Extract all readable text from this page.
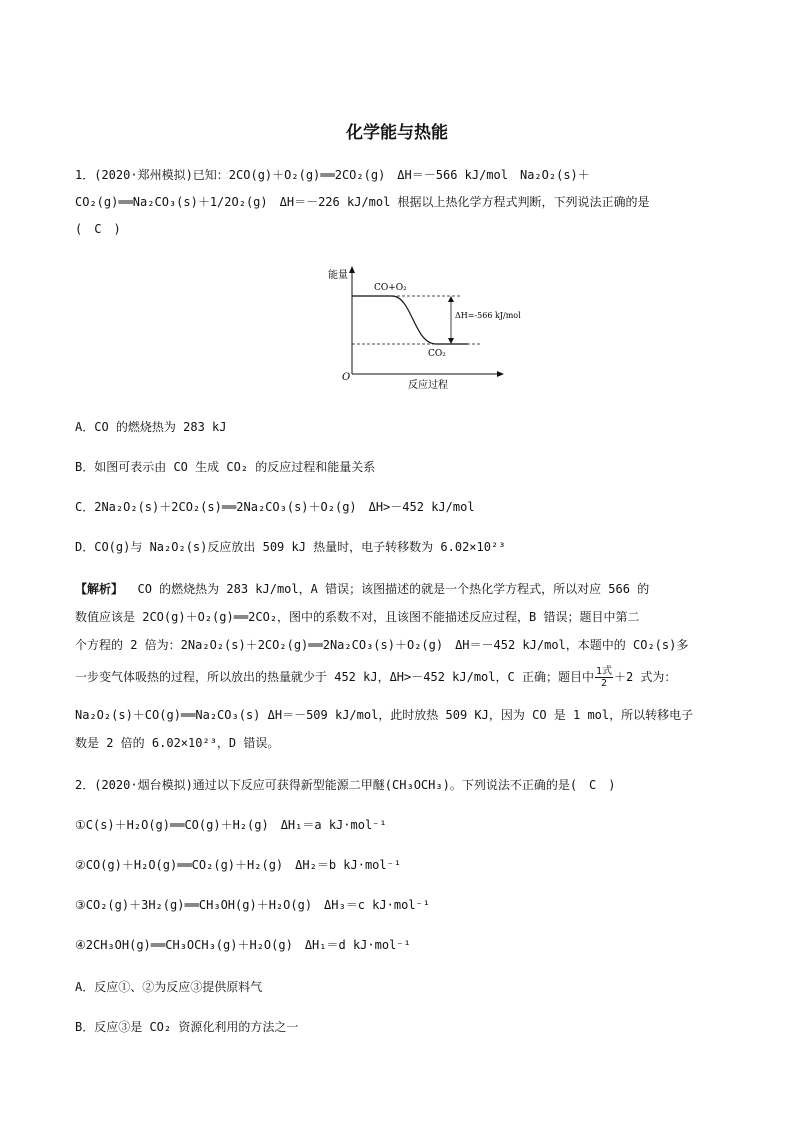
化学能与热能
1．(2020·郑州模拟)已知：2CO(g)＋O₂(g)══2CO₂(g)　ΔH＝－566 kJ/mol　Na₂O₂(s)＋
CO₂(g)══Na₂CO₃(s)＋1/2O₂(g)　ΔH＝－226 kJ/mol 根据以上热化学方程式判断，下列说法正确的是
(　C　)
能量
O
反应过程
CO+O₂
CO₂
ΔH=-566 kJ/mol
A．CO 的燃烧热为 283 kJ
B．如图可表示由 CO 生成 CO₂ 的反应过程和能量关系
C．2Na₂O₂(s)＋2CO₂(s)══2Na₂CO₃(s)＋O₂(g)　ΔH>－452 kJ/mol
D．CO(g)与 Na₂O₂(s)反应放出 509 kJ 热量时，电子转移数为 6.02×10²³
【解析】 CO 的燃烧热为 283 kJ/mol，A 错误；该图描述的就是一个热化学方程式，所以对应 566 的
数值应该是 2CO(g)＋O₂(g)══2CO₂，图中的系数不对，且该图不能描述反应过程，B 错误；题目中第二
个方程的 2 倍为：2Na₂O₂(s)＋2CO₂(g)══2Na₂CO₃(s)＋O₂(g)　ΔH＝－452 kJ/mol，本题中的 CO₂(s)多
一步变气体吸热的过程，所以放出的热量就少于 452 kJ，ΔH>－452 kJ/mol，C 正确；题目中 $\frac{\text{1式}}{2} +2$ 式为：
Na₂O₂(s)＋CO(g)══Na₂CO₃(s) ΔH＝－509 kJ/mol，此时放热 509 KJ，因为 CO 是 1 mol，所以转移电子
数是 2 倍的 6.02×10²³，D 错误。
2．(2020·烟台模拟)通过以下反应可获得新型能源二甲醚(CH₃OCH₃)。下列说法不正确的是(　C　)
①C(s)＋H₂O(g)══CO(g)＋H₂(g)　ΔH₁＝a kJ·mol⁻¹
②CO(g)＋H₂O(g)══CO₂(g)＋H₂(g)　ΔH₂＝b kJ·mol⁻¹
③CO₂(g)＋3H₂(g)══CH₃OH(g)＋H₂O(g)　ΔH₃＝c kJ·mol⁻¹
④2CH₃OH(g)══CH₃OCH₃(g)＋H₂O(g)　ΔH₁＝d kJ·mol⁻¹
A．反应①、②为反应③提供原料气
B．反应③是 CO₂ 资源化利用的方法之一
